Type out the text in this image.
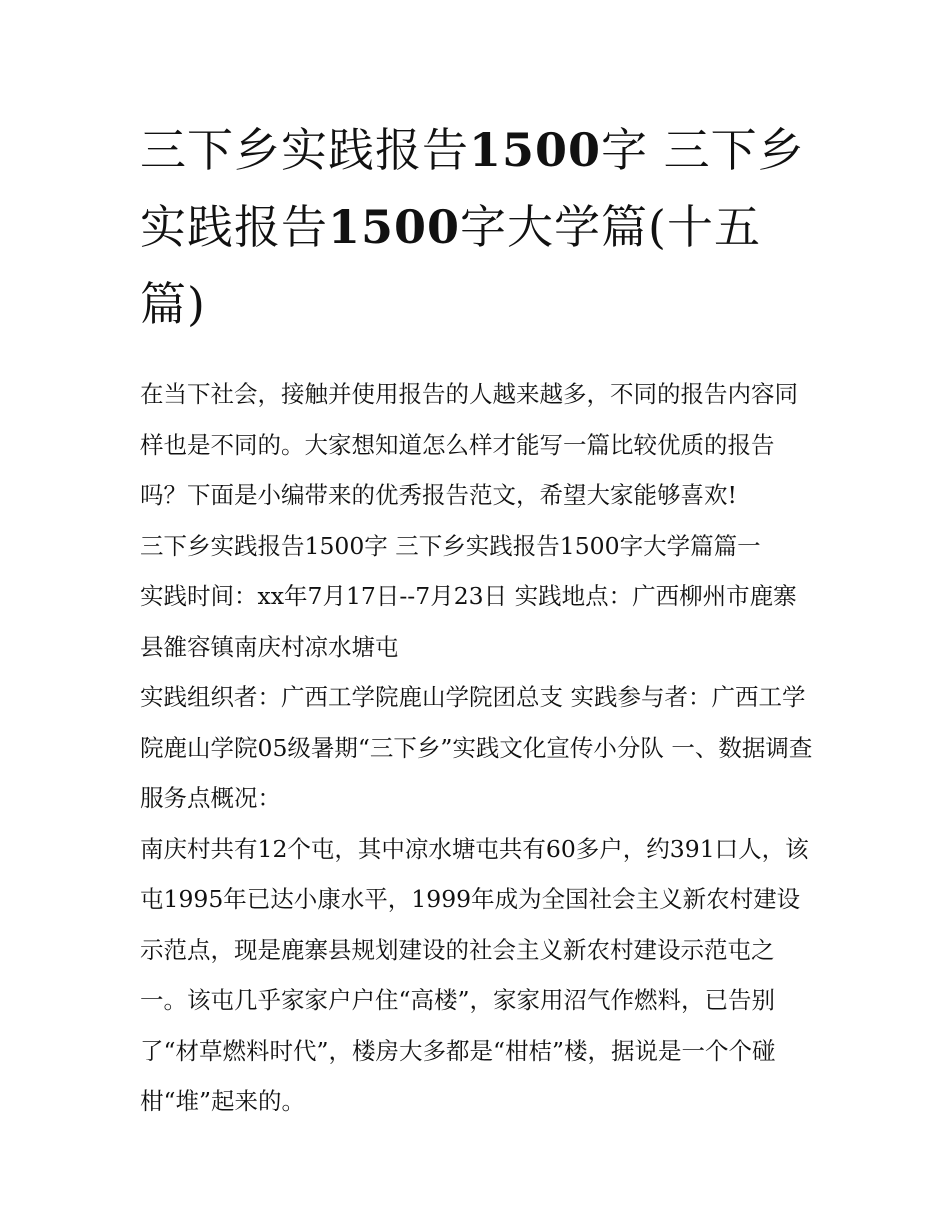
三下乡实践报告1500字 三下乡实践报告1500字大学篇(十五篇)

在当下社会，接触并使用报告的人越来越多，不同的报告内容同样也是不同的。大家想知道怎么样才能写一篇比较优质的报告吗？下面是小编带来的优秀报告范文，希望大家能够喜欢!

三下乡实践报告1500字 三下乡实践报告1500字大学篇篇一

实践时间：xx年7月17日--7月23日 实践地点：广西柳州市鹿寨县雒容镇南庆村凉水塘屯

实践组织者：广西工学院鹿山学院团总支 实践参与者：广西工学院鹿山学院05级暑期“三下乡”实践文化宣传小分队 一、数据调查 服务点概况：

南庆村共有12个屯，其中凉水塘屯共有60多户，约391口人，该屯1995年已达小康水平，1999年成为全国社会主义新农村建设示范点，现是鹿寨县规划建设的社会主义新农村建设示范屯之一。该屯几乎家家户户住“高楼”，家家用沼气作燃料，已告别了“材草燃料时代”，楼房大多都是“柑桔”楼，据说是一个个碰柑“堆”起来的。
